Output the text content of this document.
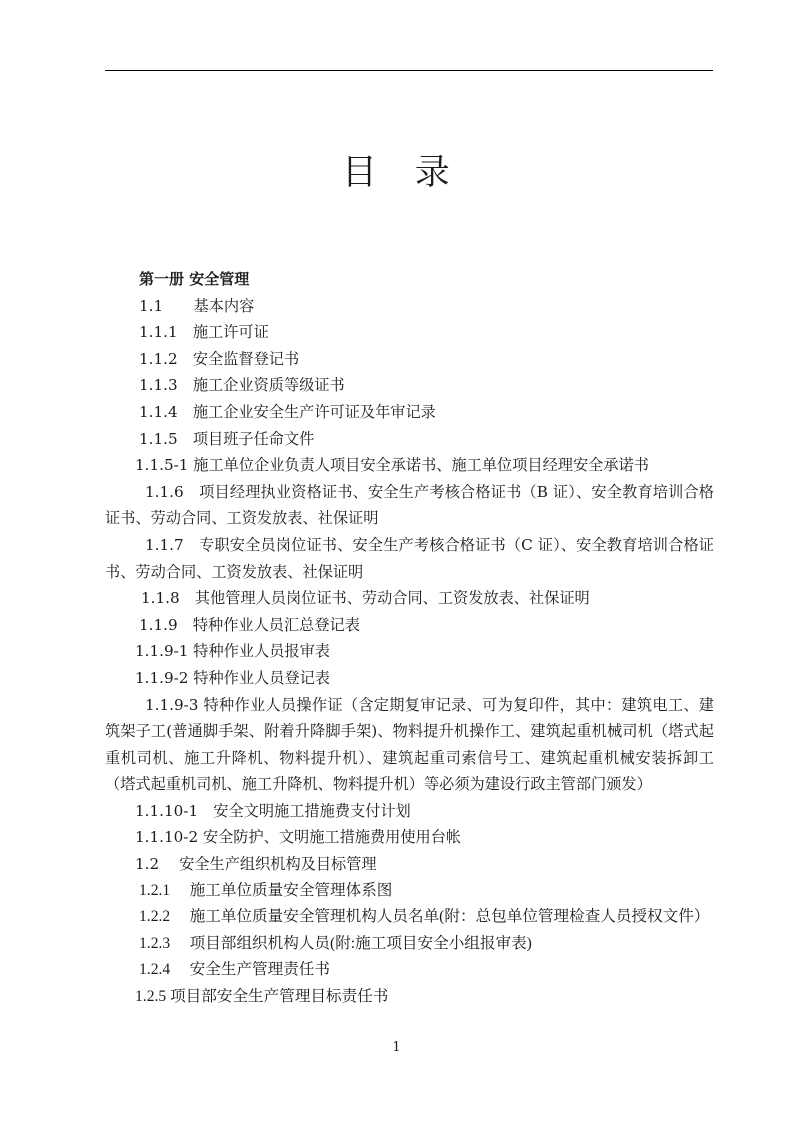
目　录
第一册 安全管理
1.1　　基本内容
1.1.1　施工许可证
1.1.2　安全监督登记书
1.1.3　施工企业资质等级证书
1.1.4　施工企业安全生产许可证及年审记录
1.1.5　项目班子任命文件
1.1.5-1 施工单位企业负责人项目安全承诺书、施工单位项目经理安全承诺书
1.1.6　项目经理执业资格证书、安全生产考核合格证书（B 证）、安全教育培训合格证书、劳动合同、工资发放表、社保证明
1.1.7　专职安全员岗位证书、安全生产考核合格证书（C 证）、安全教育培训合格证书、劳动合同、工资发放表、社保证明
1.1.8　其他管理人员岗位证书、劳动合同、工资发放表、社保证明
1.1.9　特种作业人员汇总登记表
1.1.9-1 特种作业人员报审表
1.1.9-2 特种作业人员登记表
1.1.9-3 特种作业人员操作证（含定期复审记录、可为复印件，其中：建筑电工、建筑架子工(普通脚手架、附着升降脚手架)、物料提升机操作工、建筑起重机械司机（塔式起重机司机、施工升降机、物料提升机）、建筑起重司索信号工、建筑起重机械安装拆卸工（塔式起重机司机、施工升降机、物料提升机）等必须为建设行政主管部门颁发）
1.1.10-1　安全文明施工措施费支付计划
1.1.10-2 安全防护、文明施工措施费用使用台帐
1.2　 安全生产组织机构及目标管理
1.2.1　 施工单位质量安全管理体系图
1.2.2　 施工单位质量安全管理机构人员名单(附：总包单位管理检查人员授权文件）
1.2.3　 项目部组织机构人员(附:施工项目安全小组报审表)
1.2.4　 安全生产管理责任书
1.2.5 项目部安全生产管理目标责任书
1
